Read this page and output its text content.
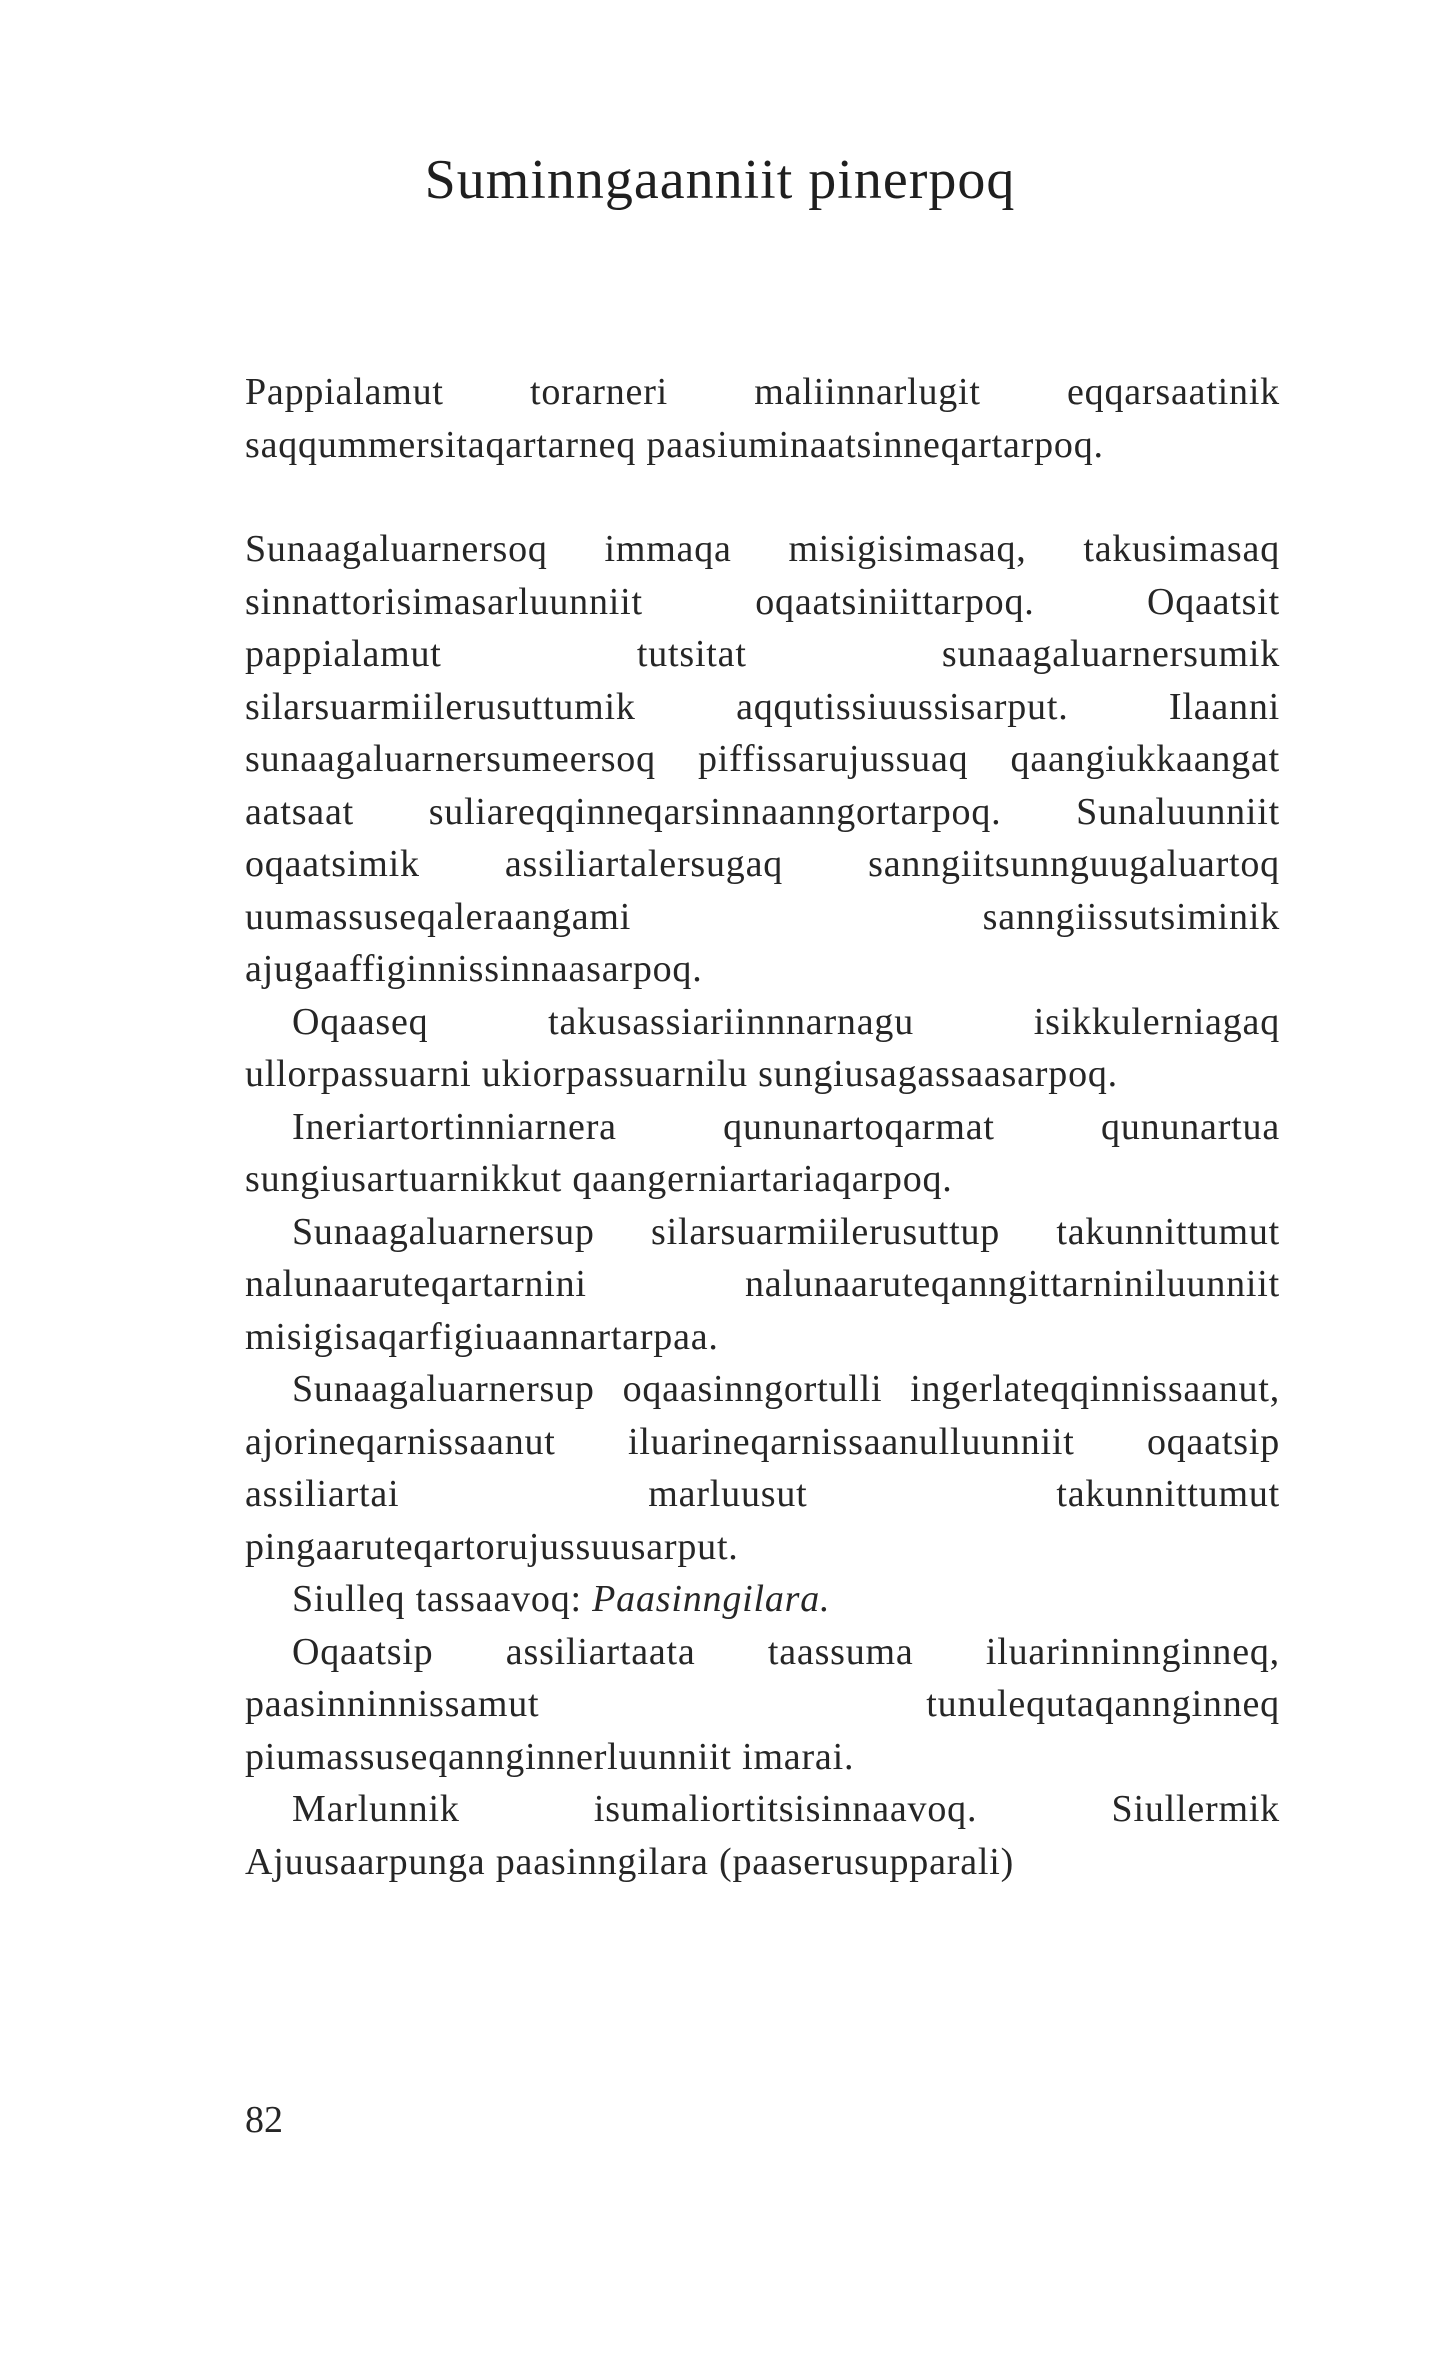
Suminngaanniit pinerpoq

Pappialamut torarneri maliinnarlugit eqqarsaatinik saqqummersitaqartarneq paasiuminaatsinneqartarpoq.

Sunaagaluarnersoq immaqa misigisimasaq, takusimasaq sinnattorisimasarluunniit oqaatsiniittarpoq. Oqaatsit pappialamut tutsitat sunaagaluarnersumik silarsuarmiilerusuttumik aqqutissiuussisarput. Ilaanni sunaagaluarnersumeersoq piffissarujussuaq qaangiukkaangat aatsaat suliareqqinneqarsinnaanngortarpoq. Sunaluunniit oqaatsimik assiliartalersugaq sanngiitsunnguugaluartoq uumassuseqaleraangami sanngiissutsiminik ajugaaffiginnissinnaasarpoq.

Oqaaseq takusassiariinnnarnagu isikkulerniagaq ullorpassuarni ukiorpassuarnilu sungiusagassaasarpoq.

Ineriartortinniarnera qununartoqarmat qununartua sungiusartuarnikkut qaangerniartariaqarpoq.

Sunaagaluarnersup silarsuarmiilerusuttup takunnittumut nalunaaruteqartarnini nalunaaruteqanngittarniniluunniit misigisaqarfigiuaannartarpaa.

Sunaagaluarnersup oqaasinngortulli ingerlateqqinnissaanut, ajorineqarnissaanut iluarineqarnissaanulluunniit oqaatsip assiliartai marluusut takunnittumut pingaaruteqartorujussuusarput.

Siulleq tassaavoq: Paasinngilara.

Oqaatsip assiliartaata taassuma iluarinninnginneq, paasinninnissamut tunulequtaqannginneq piumassuseqannginnerluunniit imarai.

Marlunnik isumaliortitsisinnaavoq. Siullermik Ajuusaarpunga paasinngilara (paaserusupparali)

82
